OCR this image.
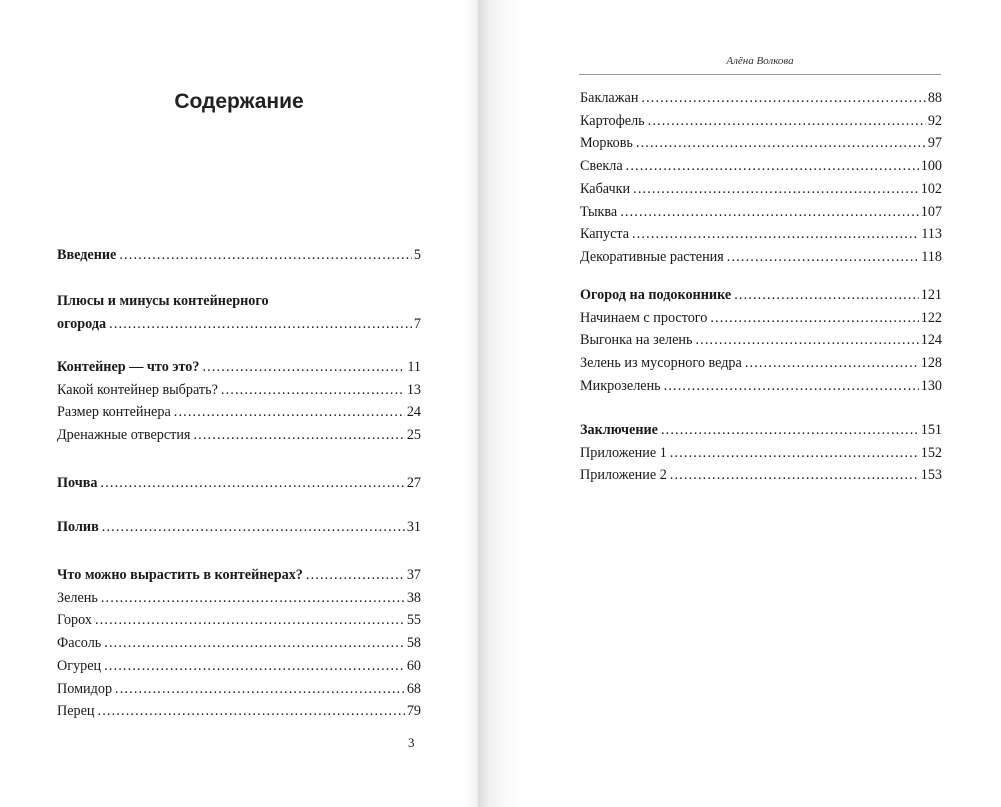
Содержание
Введение . . .	5
Плюсы и минусы контейнерного
огорода . . .	7
Контейнер — что это? . . .	11
Какой контейнер выбрать? . . .	13
Размер контейнера . . .	24
Дренажные отверстия . . .	25
Почва . . .	27
Полив . . .	31
Что можно вырастить в контейнерах? . . .	37
Зелень . . .	38
Горох . . .	55
Фасоль . . .	58
Огурец . . .	60
Помидор . . .	68
Перец . . .	79
3
Алёна Волкова
Баклажан . . .	88
Картофель . . .	92
Морковь . . .	97
Свекла . . .	100
Кабачки . . .	102
Тыква . . .	107
Капуста . . .	113
Декоративные растения . . .	118
Огород на подоконнике . . .	121
Начинаем с простого . . .	122
Выгонка на зелень . . .	124
Зелень из мусорного ведра . . .	128
Микрозелень . . .	130
Заключение . . .	151
Приложение 1 . . .	152
Приложение 2 . . .	153
